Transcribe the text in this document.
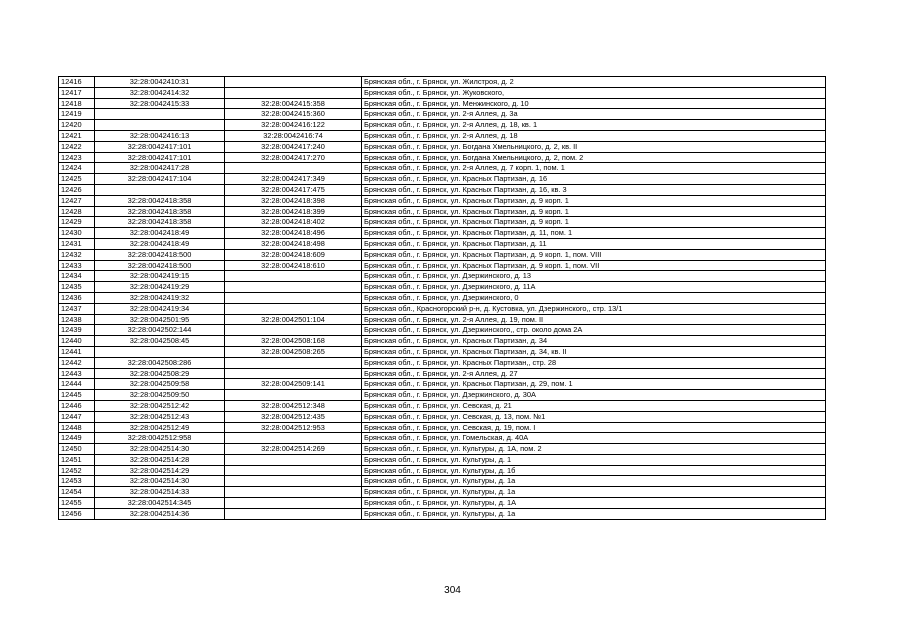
12416	32:28:0042410:31		Брянская обл., г. Брянск, ул. Жилстроя, д. 2
12417	32:28:0042414:32		Брянская обл., г. Брянск, ул. Жуковского,
12418	32:28:0042415:33	32:28:0042415:358	Брянская обл., г. Брянск, ул. Менжинского, д. 10
12419		32:28:0042415:360	Брянская обл., г. Брянск, ул. 2-я Аллея, д. 3а
12420		32:28:0042416:122	Брянская обл., г. Брянск, ул. 2-я Аллея, д. 18, кв. 1
12421	32:28:0042416:13	32:28:0042416:74	Брянская обл., г. Брянск, ул. 2-я Аллея, д. 18
12422	32:28:0042417:101	32:28:0042417:240	Брянская обл., г. Брянск, ул. Богдана Хмельницкого, д. 2, кв. II
12423	32:28:0042417:101	32:28:0042417:270	Брянская обл., г. Брянск, ул. Богдана Хмельницкого, д. 2, пом. 2
12424	32:28:0042417:28		Брянская обл., г. Брянск, ул. 2-я Аллея, д. 7 корп. 1, пом. 1
12425	32:28:0042417:104	32:28:0042417:349	Брянская обл., г. Брянск, ул. Красных Партизан, д. 16
12426		32:28:0042417:475	Брянская обл., г. Брянск, ул. Красных Партизан, д. 16, кв. 3
12427	32:28:0042418:358	32:28:0042418:398	Брянская обл., г. Брянск, ул. Красных Партизан, д. 9 корп. 1
12428	32:28:0042418:358	32:28:0042418:399	Брянская обл., г. Брянск, ул. Красных Партизан, д. 9 корп. 1
12429	32:28:0042418:358	32:28:0042418:402	Брянская обл., г. Брянск, ул. Красных Партизан, д. 9 корп. 1
12430	32:28:0042418:49	32:28:0042418:496	Брянская обл., г. Брянск, ул. Красных Партизан, д. 11, пом. 1
12431	32:28:0042418:49	32:28:0042418:498	Брянская обл., г. Брянск, ул. Красных Партизан, д. 11
12432	32:28:0042418:500	32:28:0042418:609	Брянская обл., г. Брянск, ул. Красных Партизан, д. 9 корп. 1, пом. VIII
12433	32:28:0042418:500	32:28:0042418:610	Брянская обл., г. Брянск, ул. Красных Партизан, д. 9 корп. 1, пом. VII
12434	32:28:0042419:15		Брянская обл., г. Брянск, ул. Дзержинского, д. 13
12435	32:28:0042419:29		Брянская обл., г. Брянск, ул. Дзержинского, д. 11А
12436	32:28:0042419:32		Брянская обл., г. Брянск, ул. Дзержинского, 0
12437	32:28:0042419:34		Брянская обл., Красногорский р-н, д. Кустовка, ул. Дзержинского,, стр. 13/1
12438	32:28:0042501:95	32:28:0042501:104	Брянская обл., г. Брянск, ул. 2-я Аллея, д. 19, пом. II
12439	32:28:0042502:144		Брянская обл., г. Брянск, ул. Дзержинского,, стр. около дома 2А
12440	32:28:0042508:45	32:28:0042508:168	Брянская обл., г. Брянск, ул. Красных Партизан, д. 34
12441		32:28:0042508:265	Брянская обл., г. Брянск, ул. Красных Партизан, д. 34, кв. II
12442	32:28:0042508:286		Брянская обл., г. Брянск, ул. Красных Партизан,, стр. 28
12443	32:28:0042508:29		Брянская обл., г. Брянск, ул. 2-я Аллея, д. 27
12444	32:28:0042509:58	32:28:0042509:141	Брянская обл., г. Брянск, ул. Красных Партизан, д. 29, пом. 1
12445	32:28:0042509:50		Брянская обл., г. Брянск, ул. Дзержинского, д. 30А
12446	32:28:0042512:42	32:28:0042512:348	Брянская обл., г. Брянск, ул. Севская, д. 21
12447	32:28:0042512:43	32:28:0042512:435	Брянская обл., г. Брянск, ул. Севская, д. 13, пом. №1
12448	32:28:0042512:49	32:28:0042512:953	Брянская обл., г. Брянск, ул. Севская, д. 19, пом. I
12449	32:28:0042512:958		Брянская обл., г. Брянск, ул. Гомельская, д. 40А
12450	32:28:0042514:30	32:28:0042514:269	Брянская обл., г. Брянск, ул. Культуры, д. 1А, пом. 2
12451	32:28:0042514:28		Брянская обл., г. Брянск, ул. Культуры, д. 1
12452	32:28:0042514:29		Брянская обл., г. Брянск, ул. Культуры, д. 1б
12453	32:28:0042514:30		Брянская обл., г. Брянск, ул. Культуры, д. 1а
12454	32:28:0042514:33		Брянская обл., г. Брянск, ул. Культуры, д. 1а
12455	32:28:0042514:345		Брянская обл., г. Брянск, ул. Культуры, д. 1А
12456	32:28:0042514:36		Брянская обл., г. Брянск, ул. Культуры, д. 1а
304
